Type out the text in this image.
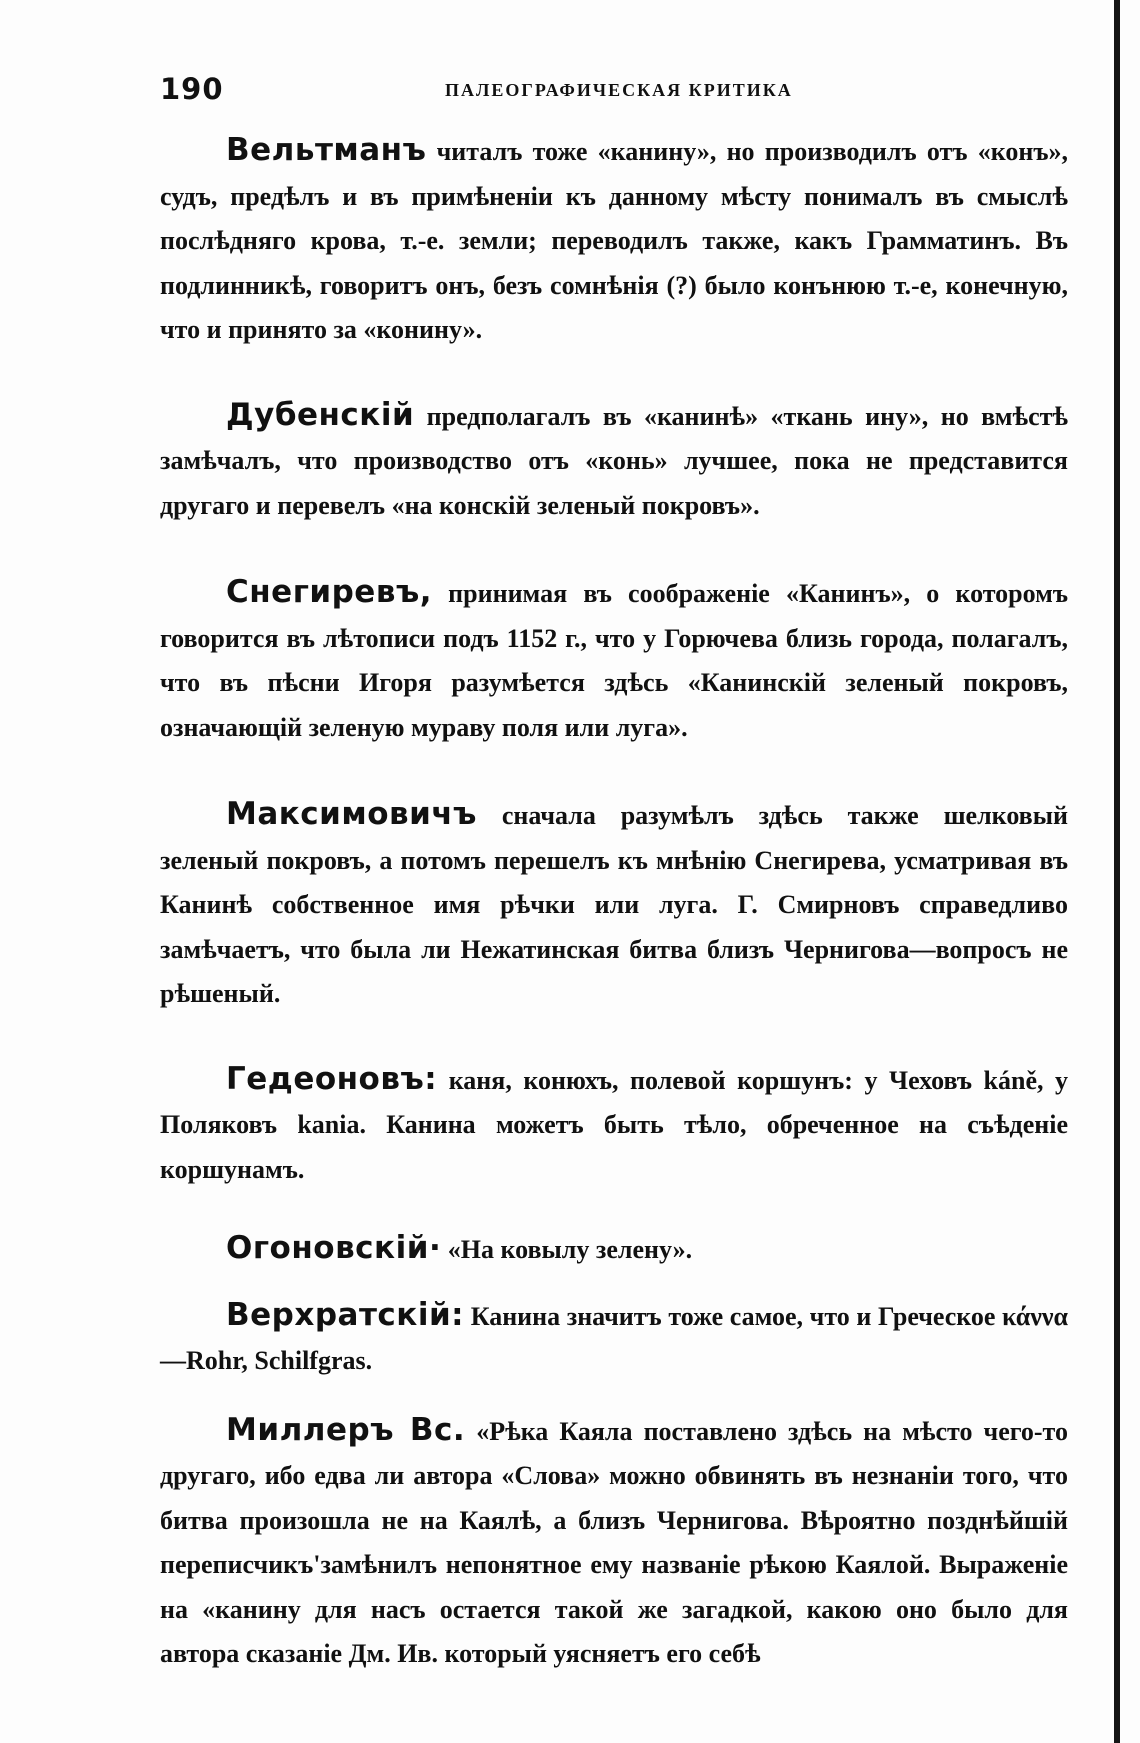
190	ПАЛЕОГРАФИЧЕСКАЯ КРИТИКА

Вельтманъ читалъ тоже «канину», но производилъ отъ «конъ», судъ, предѣлъ и въ примѣненіи къ данному мѣсту понималъ въ смыслѣ послѣдняго крова, т.-е. земли; переводилъ также, какъ Грамматинъ. Въ подлинникѣ, говоритъ онъ, безъ сомнѣнія (?) было конънюю т.-е, конечную, что и принято за «конину».

Дубенскій предполагалъ въ «канинѣ» «ткань ину», но вмѣстѣ замѣчалъ, что производство отъ «конь» лучшее, пока не представится другаго и перевелъ «на конскій зеленый покровъ».

Снегиревъ, принимая въ соображеніе «Канинъ», о которомъ говорится въ лѣтописи подъ 1152 г., что у Горючева близь города, полагалъ, что въ пѣсни Игоря разумѣется здѣсь «Канинскій зеленый покровъ, означающій зеленую мураву поля или луга».

Максимовичъ сначала разумѣлъ здѣсь также шелковый зеленый покровъ, а потомъ перешелъ къ мнѣнію Снегирева, усматривая въ Канинѣ собственное имя рѣчки или луга. Г. Смирновъ справедливо замѣчаетъ, что была ли Нежатинская битва близъ Чернигова—вопросъ не рѣшеный.

Гедеоновъ: каня, конюхъ, полевой коршунъ: у Чеховъ káně, у Поляковъ kania. Канина можетъ быть тѣло, обреченное на съѣденіе коршунамъ.

Огоновскій· «На ковылу зелену».

Верхратскій: Канина значитъ тоже самое, что и Греческое κάννα—Rohr, Schilfgras.

Миллеръ Вс. «Рѣка Каяла поставлено здѣсь на мѣсто чего-то другаго, ибо едва ли автора «Слова» можно обвинять въ незнаніи того, что битва произошла не на Каялѣ, а близъ Чернигова. Вѣроятно позднѣйшій переписчикъ'замѣнилъ непонятное ему названіе рѣкою Каялой. Выраженіе на «канину для насъ остается такой же загадкой, какою оно было для автора сказаніе Дм. Ив. который уясняетъ его себѣ
